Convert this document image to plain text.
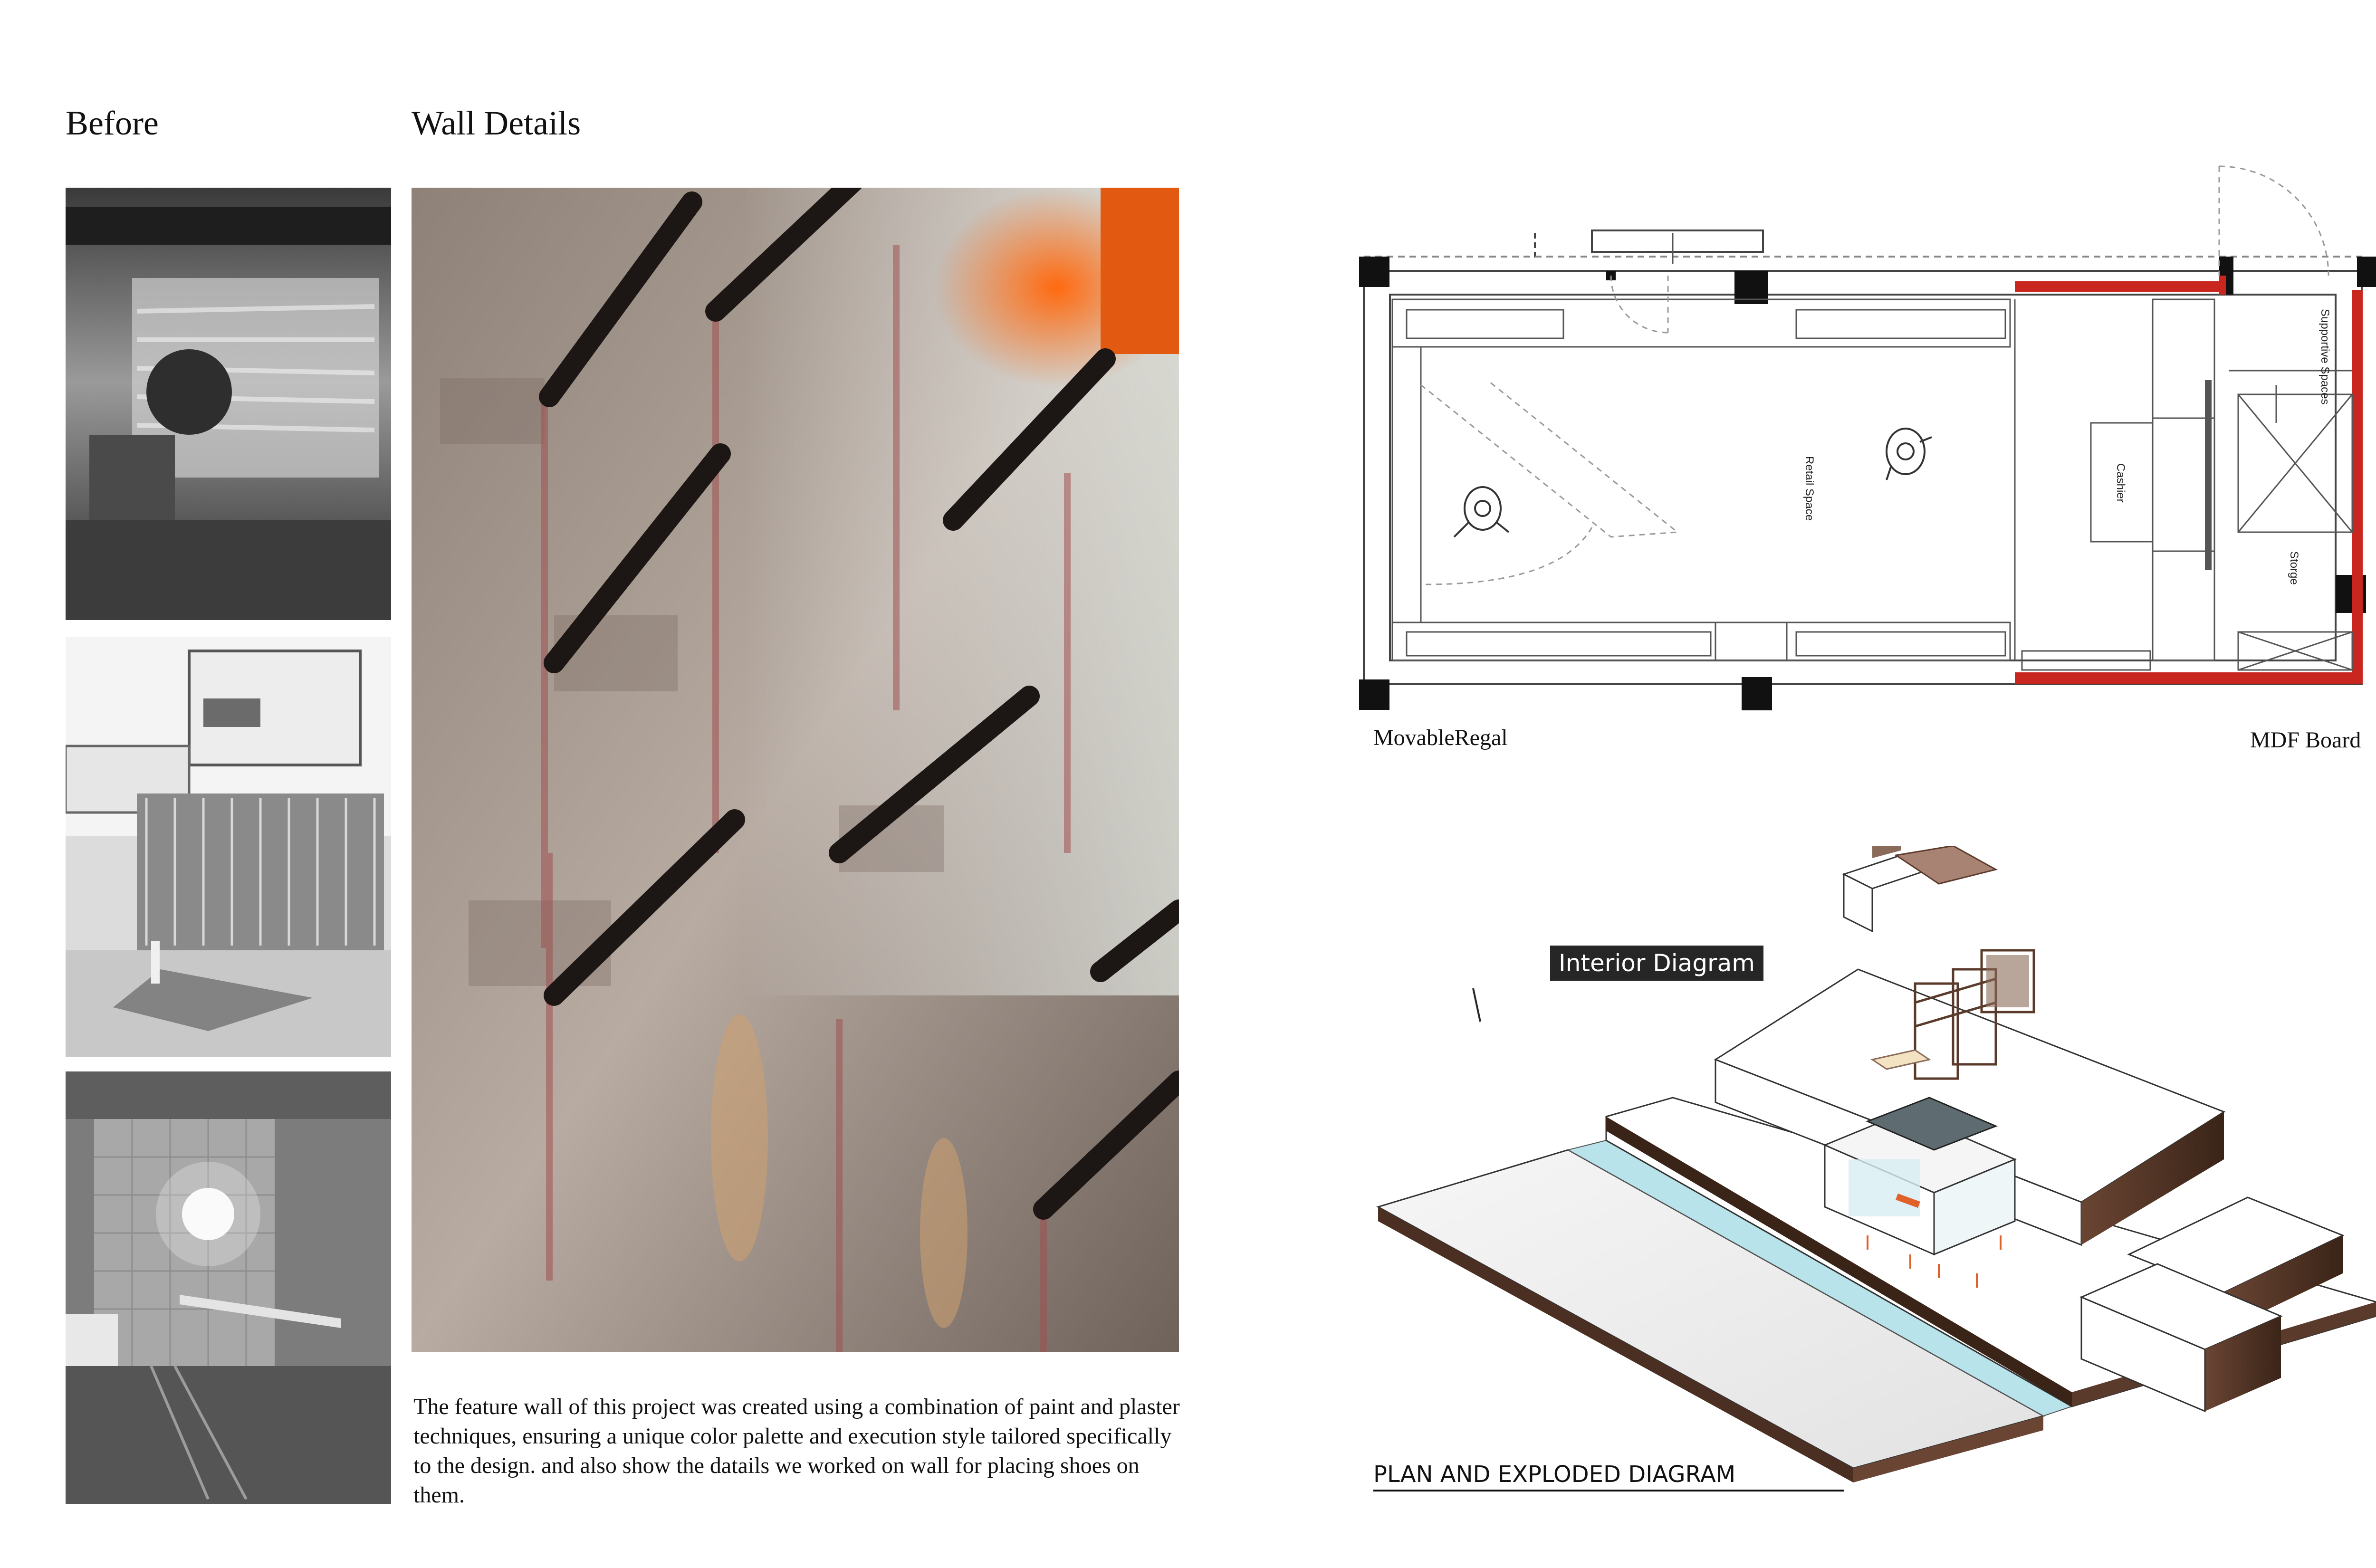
Before	Wall Details
The feature wall of this project was created using a combination of paint and plaster techniques, ensuring a unique color palette and execution style tailored specifically to the design. and also show the datails we worked on wall for placing shoes on them.
Retail Space	Cashier
Storge
Supportive Spaces
MovableRegal	MDF Board
Interior Diagram
PLAN AND EXPLODED DIAGRAM
